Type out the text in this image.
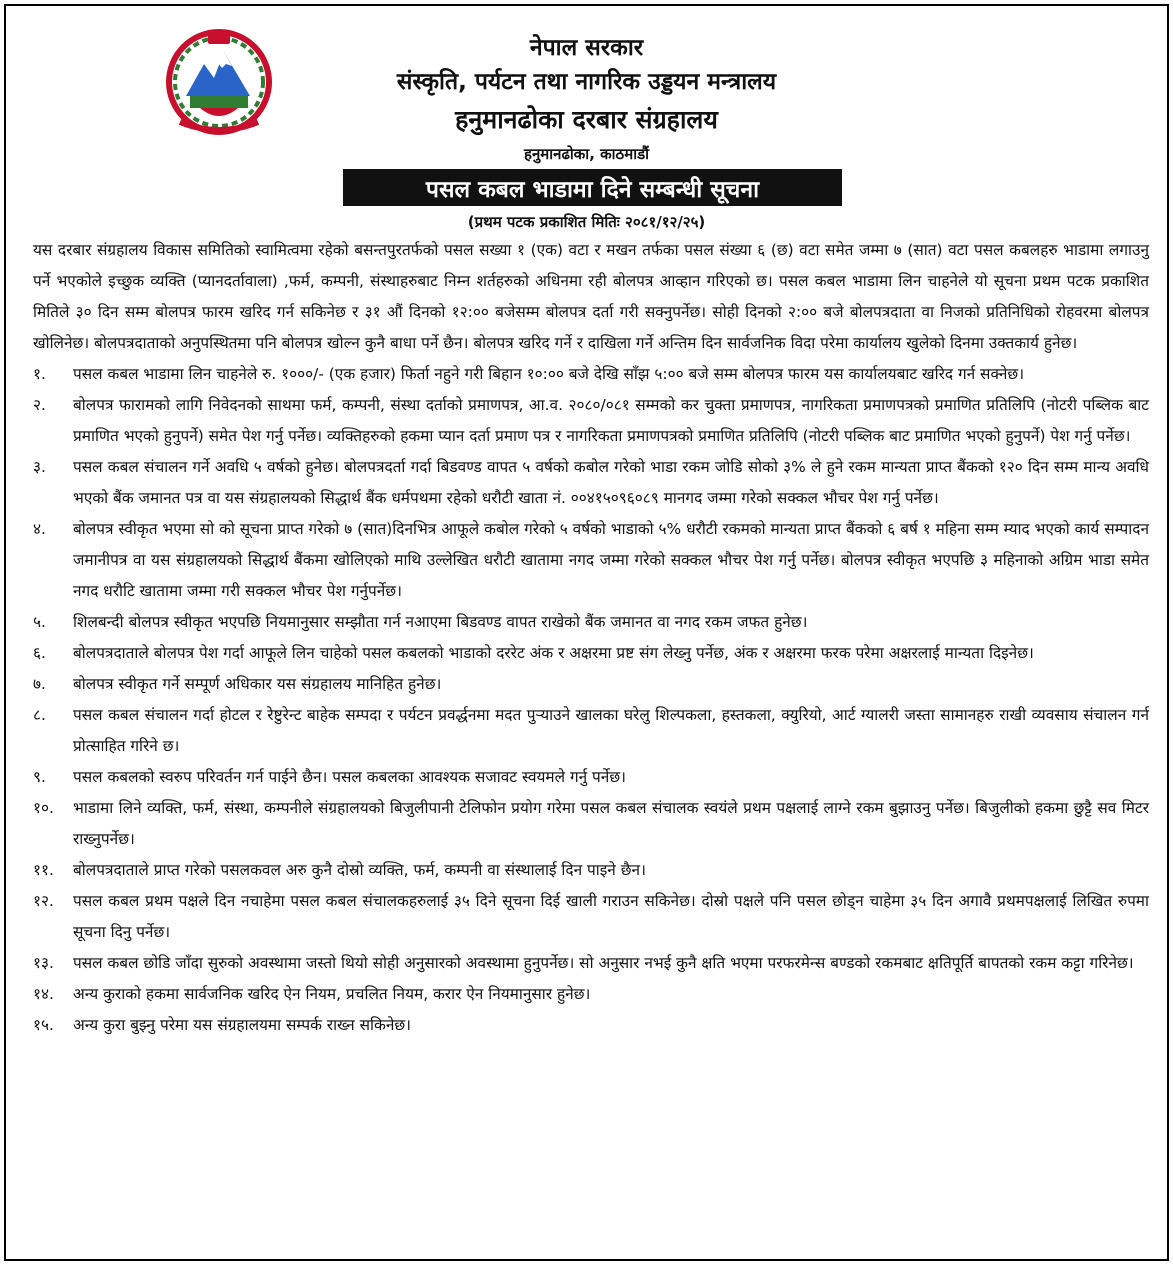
नेपाल सरकार
संस्कृति, पर्यटन तथा नागरिक उड्डयन मन्त्रालय
हनुमानढोका दरबार संग्रहालय
हनुमानढोका, काठमाडौं
पसल कबल भाडामा दिने सम्बन्धी सूचना
(प्रथम पटक प्रकाशित मितिः २०८१/१२/२५)

यस दरबार संग्रहालय विकास समितिको स्वामित्वमा रहेको बसन्तपुरतर्फको पसल सख्या १ (एक) वटा र मखन तर्फका पसल संख्या ६ (छ) वटा समेत जम्मा ७ (सात) वटा पसल कबलहरु भाडामा लगाउनु पर्ने भएकोले इच्छुक व्यक्ति (प्यानदर्तावाला) ,फर्म, कम्पनी, संस्थाहरुबाट निम्न शर्तहरुको अधिनमा रही बोलपत्र आव्हान गरिएको छ। पसल कबल भाडामा लिन चाहनेले यो सूचना प्रथम पटक प्रकाशित मितिले ३० दिन सम्म बोलपत्र फारम खरिद गर्न सकिनेछ र ३१ औं दिनको १२:०० बजेसम्म बोलपत्र दर्ता गरी सक्नुपर्नेछ। सोही दिनको २:०० बजे बोलपत्रदाता वा निजको प्रतिनिधिको रोहवरमा बोलपत्र खोलिनेछ। बोलपत्रदाताको अनुपस्थितमा पनि बोलपत्र खोल्न कुनै बाधा पर्ने छैन। बोलपत्र खरिद गर्ने र दाखिला गर्ने अन्तिम दिन सार्वजनिक विदा परेमा कार्यालय खुलेको दिनमा उक्तकार्य हुनेछ।

१.	पसल कबल भाडामा लिन चाहनेले रु. १०००/- (एक हजार) फिर्ता नहुने गरी बिहान १०:०० बजे देखि साँझ ५:०० बजे सम्म बोलपत्र फारम यस कार्यालयबाट खरिद गर्न सक्नेछ।
२.	बोलपत्र फारामको लागि निवेदनको साथमा फर्म, कम्पनी, संस्था दर्ताको प्रमाणपत्र, आ.व. २०८०/०८१ सम्मको कर चुक्ता प्रमाणपत्र, नागरिकता प्रमाणपत्रको प्रमाणित प्रतिलिपि (नोटरी पब्लिक बाट प्रमाणित भएको हुनुपर्ने) समेत पेश गर्नु पर्नेछ। व्यक्तिहरुको हकमा प्यान दर्ता प्रमाण पत्र र नागरिकता प्रमाणपत्रको प्रमाणित प्रतिलिपि (नोटरी पब्लिक बाट प्रमाणित भएको हुनुपर्ने) पेश गर्नु पर्नेछ।
३.	पसल कबल संचालन गर्ने अवधि ५ वर्षको हुनेछ। बोलपत्रदर्ता गर्दा बिडवण्ड वापत ५ वर्षको कबोल गरेको भाडा रकम जोडि सोको ३% ले हुने रकम मान्यता प्राप्त बैंकको १२० दिन सम्म मान्य अवधि भएको बैंक जमानत पत्र वा यस संग्रहालयको सिद्धार्थ बैंक धर्मपथमा रहेको धरौटी खाता नं. ००४१५०९६०८९ मानगद जम्मा गरेको सक्कल भौचर पेश गर्नु पर्नेछ।
४.	बोलपत्र स्वीकृत भएमा सो को सूचना प्राप्त गरेको ७ (सात)दिनभित्र आफूले कबोल गरेको ५ वर्षको भाडाको ५% धरौटी रकमको मान्यता प्राप्त बैंकको ६ बर्ष १ महिना सम्म म्याद भएको कार्य सम्पादन जमानीपत्र वा यस संग्रहालयको सिद्धार्थ बैंकमा खोलिएको माथि उल्लेखित धरौटी खातामा नगद जम्मा गरेको सक्कल भौचर पेश गर्नु पर्नेछ। बोलपत्र स्वीकृत भएपछि ३ महिनाको अग्रिम भाडा समेत नगद धरौटि खातामा जम्मा गरी सक्कल भौचर पेश गर्नुपर्नेछ।
५.	शिलबन्दी बोलपत्र स्वीकृत भएपछि नियमानुसार सम्झौता गर्न नआएमा बिडवण्ड वापत राखेको बैंक जमानत वा नगद रकम जफत हुनेछ।
६.	बोलपत्रदाताले बोलपत्र पेश गर्दा आफूले लिन चाहेको पसल कबलको भाडाको दररेट अंक र अक्षरमा प्रष्ट संग लेख्नु पर्नेछ, अंक र अक्षरमा फरक परेमा अक्षरलाई मान्यता दिइनेछ।
७.	बोलपत्र स्वीकृत गर्ने सम्पूर्ण अधिकार यस संग्रहालय मानिहित हुनेछ।
८.	पसल कबल संचालन गर्दा होटल र रेष्टुरेन्ट बाहेक सम्पदा र पर्यटन प्रवर्द्धनमा मदत पुर्‍याउने खालका घरेलु शिल्पकला, हस्तकला, क्युरियो, आर्ट ग्यालरी जस्ता सामानहरु राखी व्यवसाय संचालन गर्न प्रोत्साहित गरिने छ।
९.	पसल कबलको स्वरुप परिवर्तन गर्न पाईने छैन। पसल कबलका आवश्यक सजावट स्वयमले गर्नु पर्नेछ।
१०.	भाडामा लिने व्यक्ति, फर्म, संस्था, कम्पनीले संग्रहालयको बिजुलीपानी टेलिफोन प्रयोग गरेमा पसल कबल संचालक स्वयंले प्रथम पक्षलाई लाग्ने रकम बुझाउनु पर्नेछ। बिजुलीको हकमा छुट्टै सव मिटर राख्नुपर्नेछ।
११.	बोलपत्रदाताले प्राप्त गरेको पसलकवल अरु कुनै दोस्रो व्यक्ति, फर्म, कम्पनी वा संस्थालाई दिन पाइने छैन।
१२.	पसल कबल प्रथम पक्षले दिन नचाहेमा पसल कबल संचालकहरुलाई ३५ दिने सूचना दिई खाली गराउन सकिनेछ। दोस्रो पक्षले पनि पसल छोड्न चाहेमा ३५ दिन अगावै प्रथमपक्षलाई लिखित रुपमा सूचना दिनु पर्नेछ।
१३.	पसल कबल छोडि जाँदा सुरुको अवस्थामा जस्तो थियो सोही अनुसारको अवस्थामा हुनुपर्नेछ। सो अनुसार नभई कुनै क्षति भएमा परफरमेन्स बण्डको रकमबाट क्षतिपूर्ति बापतको रकम कट्टा गरिनेछ।
१४.	अन्य कुराको हकमा सार्वजनिक खरिद ऐन नियम, प्रचलित नियम, करार ऐन नियमानुसार हुनेछ।
१५.	अन्य कुरा बुझ्नु परेमा यस संग्रहालयमा सम्पर्क राख्न सकिनेछ।
